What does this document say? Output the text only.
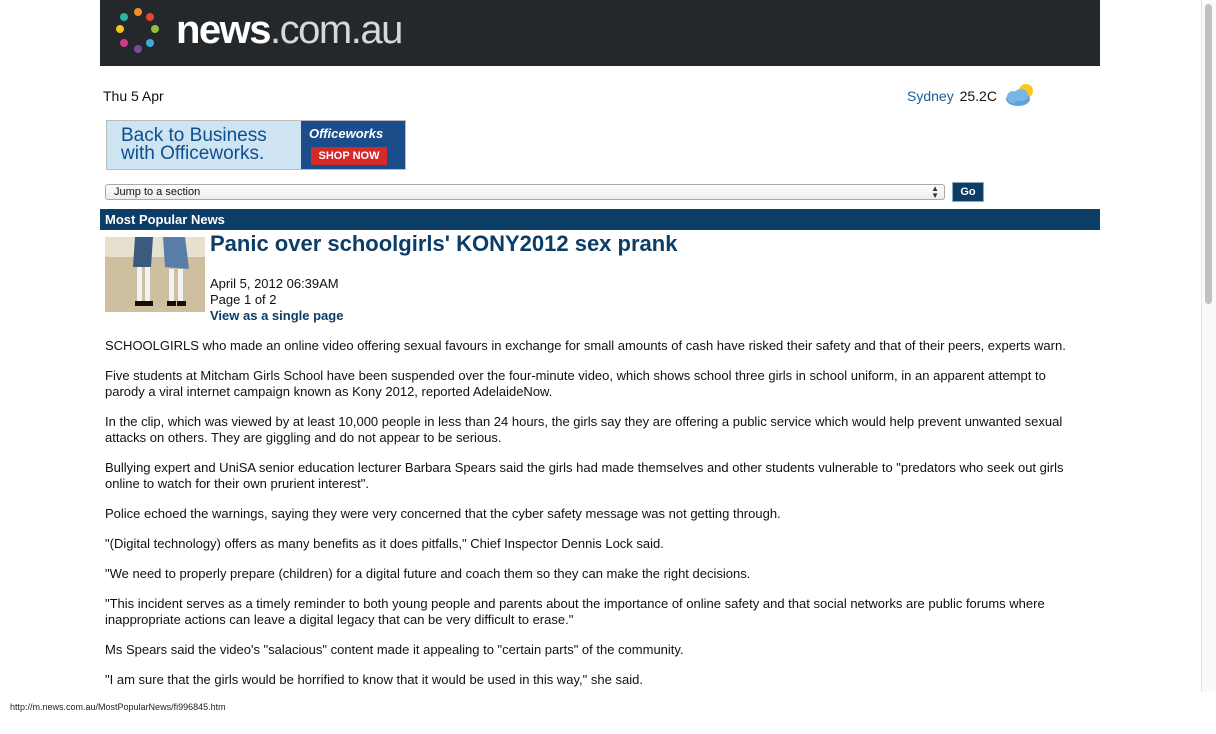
news.com.au
Thu 5 Apr	Sydney 25.2C
Back to Business
with Officeworks.
Officeworks
SHOP NOW
Jump to a section	▲
▼	Go
Most Popular News
Panic over schoolgirls' KONY2012 sex prank
April 5, 2012 06:39AM
Page 1 of 2
View as a single page

SCHOOLGIRLS who made an online video offering sexual favours in exchange for small amounts of cash have risked their safety and that of their peers, experts warn.

Five students at Mitcham Girls School have been suspended over the four-minute video, which shows school three girls in school uniform, in an apparent attempt to parody a viral internet campaign known as Kony 2012, reported AdelaideNow.

In the clip, which was viewed by at least 10,000 people in less than 24 hours, the girls say they are offering a public service which would help prevent unwanted sexual attacks on others. They are giggling and do not appear to be serious.

Bullying expert and UniSA senior education lecturer Barbara Spears said the girls had made themselves and other students vulnerable to "predators who seek out girls online to watch for their own prurient interest".

Police echoed the warnings, saying they were very concerned that the cyber safety message was not getting through.

"(Digital technology) offers as many benefits as it does pitfalls," Chief Inspector Dennis Lock said.

"We need to properly prepare (children) for a digital future and coach them so they can make the right decisions.

"This incident serves as a timely reminder to both young people and parents about the importance of online safety and that social networks are public forums where inappropriate actions can leave a digital legacy that can be very difficult to erase."

Ms Spears said the video's "salacious" content made it appealing to "certain parts" of the community.

"I am sure that the girls would be horrified to know that it would be used in this way," she said.

http://m.news.com.au/MostPopularNews/fi996845.htm
